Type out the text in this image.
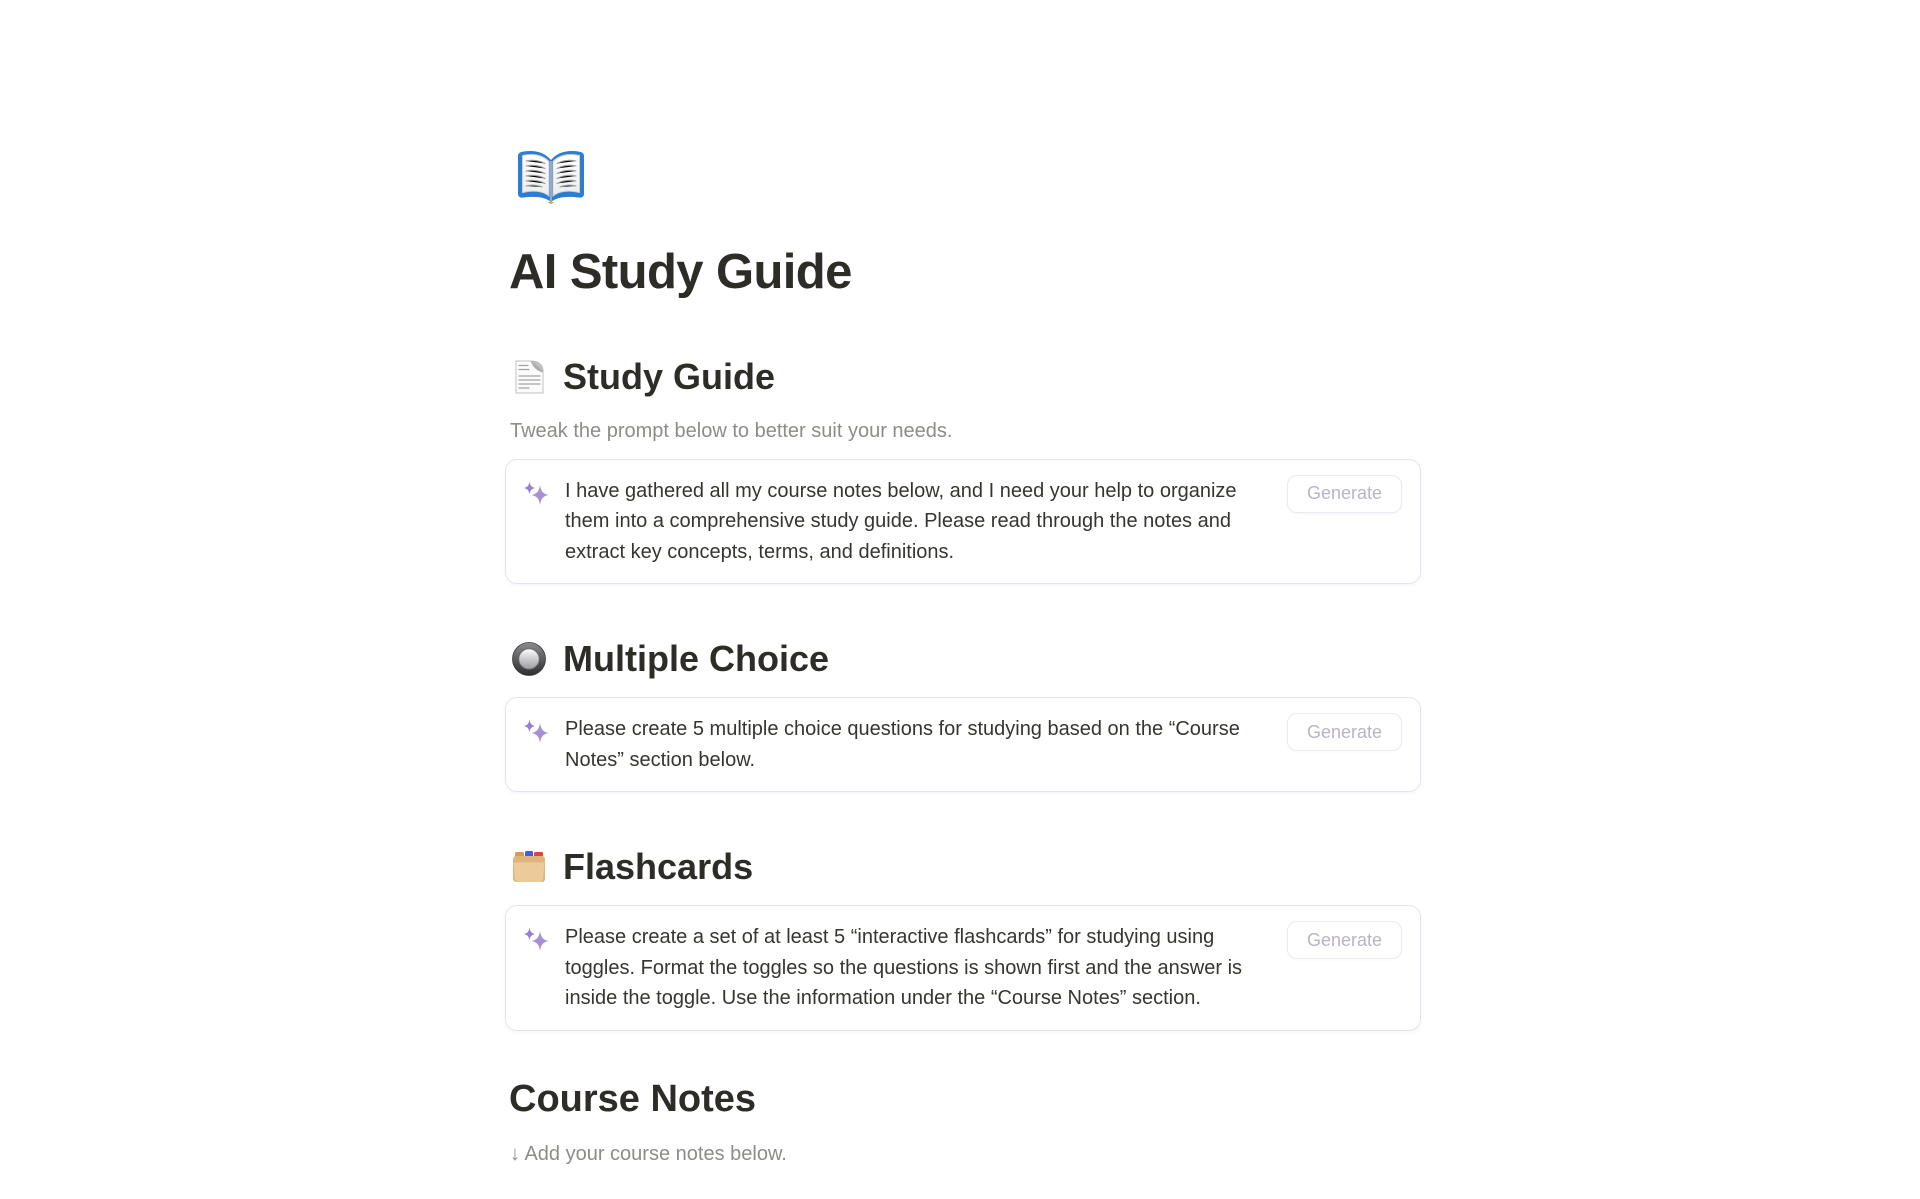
AI Study Guide
Study Guide

Tweak the prompt below to better suit your needs.

I have gathered all my course notes below, and I need your help to organize them into a comprehensive study guide. Please read through the notes and extract key concepts, terms, and definitions.

Generate
Multiple Choice

Please create 5 multiple choice questions for studying based on the “Course Notes” section below.

Generate
Flashcards

Please create a set of at least 5 “interactive flashcards” for studying using toggles. Format the toggles so the questions is shown first and the answer is inside the toggle. Use the information under the “Course Notes” section.

Generate
Course Notes

↓ Add your course notes below.
